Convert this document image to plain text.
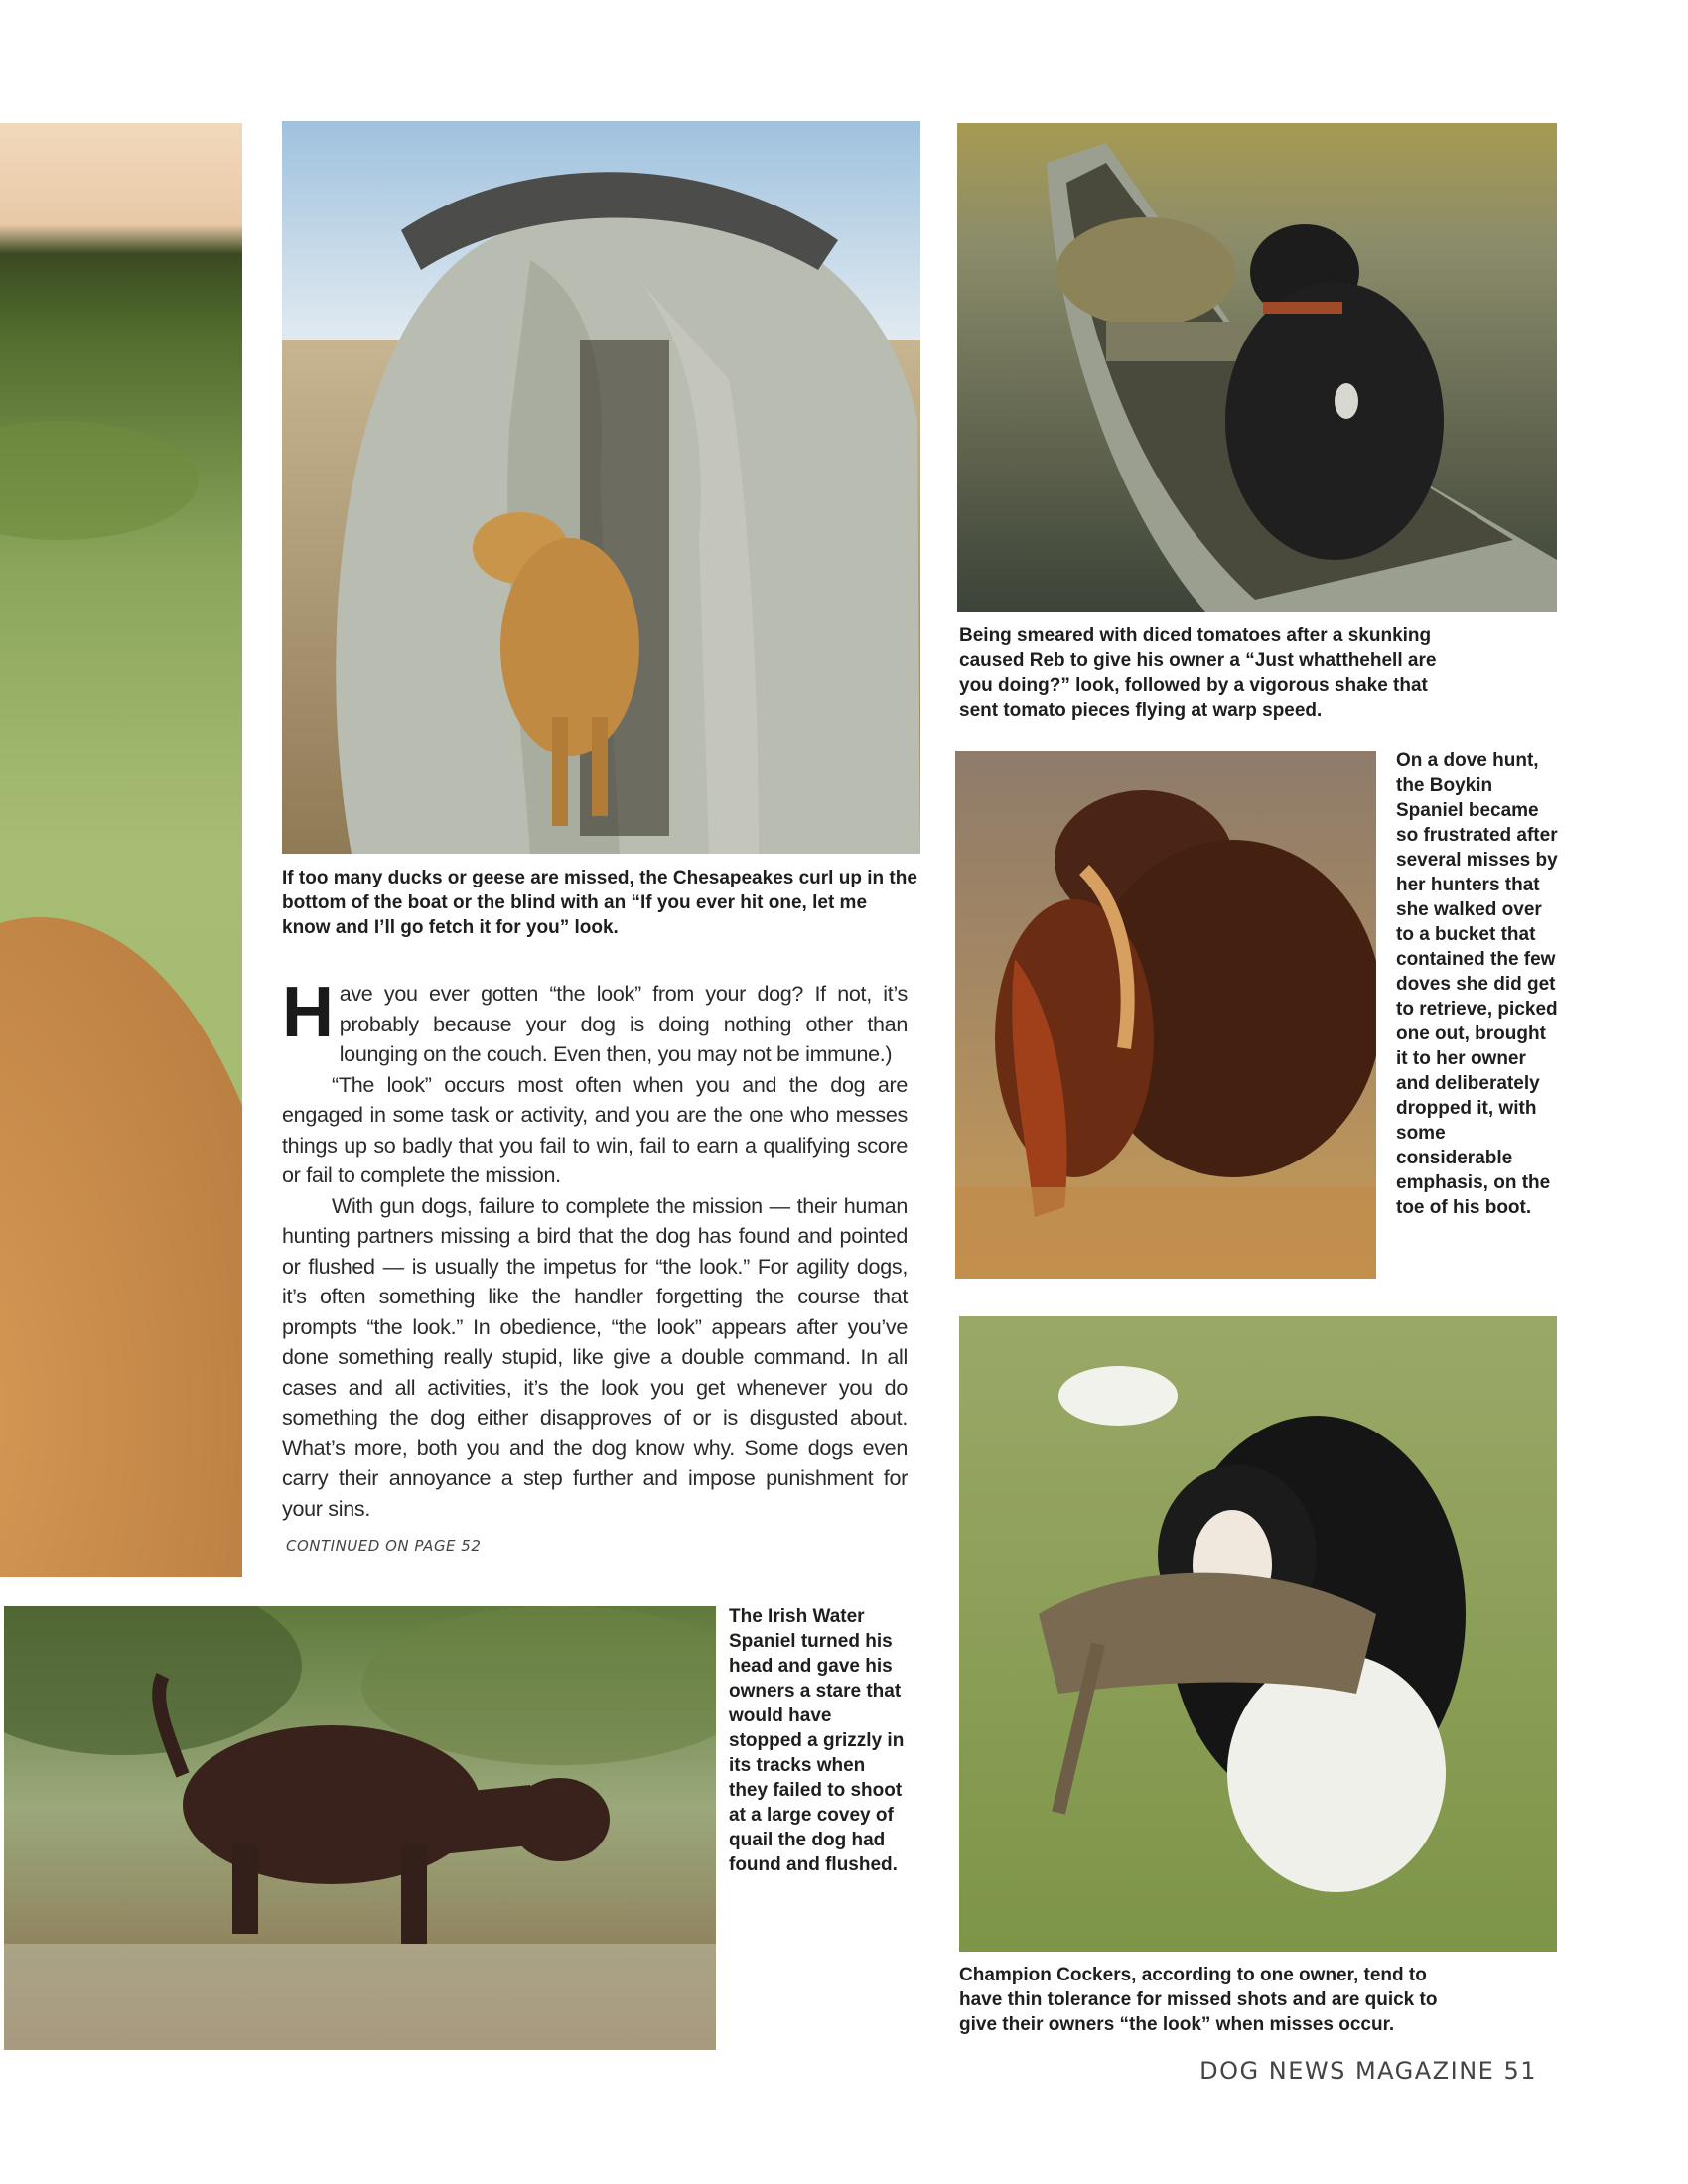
If too many ducks or geese are missed, the Chesapeakes curl up in the bottom of the boat or the blind with an “If you ever hit one, let me know and I’ll go fetch it for you” look.
Being smeared with diced tomatoes after a skunking caused Reb to give his owner a “Just whatthehell are you doing?” look, followed by a vigorous shake that sent tomato pieces flying at warp speed.
On a dove hunt, the Boykin Spaniel became so frustrated after several misses by her hunters that she walked over to a bucket that contained the few doves she did get to retrieve, picked one out, brought it to her owner and deliberately dropped it, with some considerable emphasis, on the toe of his boot.
The Irish Water Spaniel turned his head and gave his owners a stare that would have stopped a grizzly in its tracks when they failed to shoot at a large covey of quail the dog had found and flushed.
Champion Cockers, according to one owner, tend to have thin tolerance for missed shots and are quick to give their owners “the look” when misses occur.

Have you ever gotten “the look” from your dog? If not, it’s probably because your dog is doing nothing other than lounging on the couch. Even then, you may not be immune.)

“The look” occurs most often when you and the dog are engaged in some task or activity, and you are the one who messes things up so badly that you fail to win, fail to earn a qualifying score or fail to complete the mission.

With gun dogs, failure to complete the mission — their human hunting partners missing a bird that the dog has found and pointed or flushed — is usually the impetus for “the look.” For agility dogs, it’s often something like the handler forgetting the course that prompts “the look.” In obedience, “the look” appears after you’ve done something really stupid, like give a double command. In all cases and all activities, it’s the look you get whenever you do something the dog either disapproves of or is disgusted about. What’s more, both you and the dog know why. Some dogs even carry their annoyance a step further and impose punishment for your sins.

CONTINUED ON PAGE 52
DOG NEWS MAGAZINE 51
